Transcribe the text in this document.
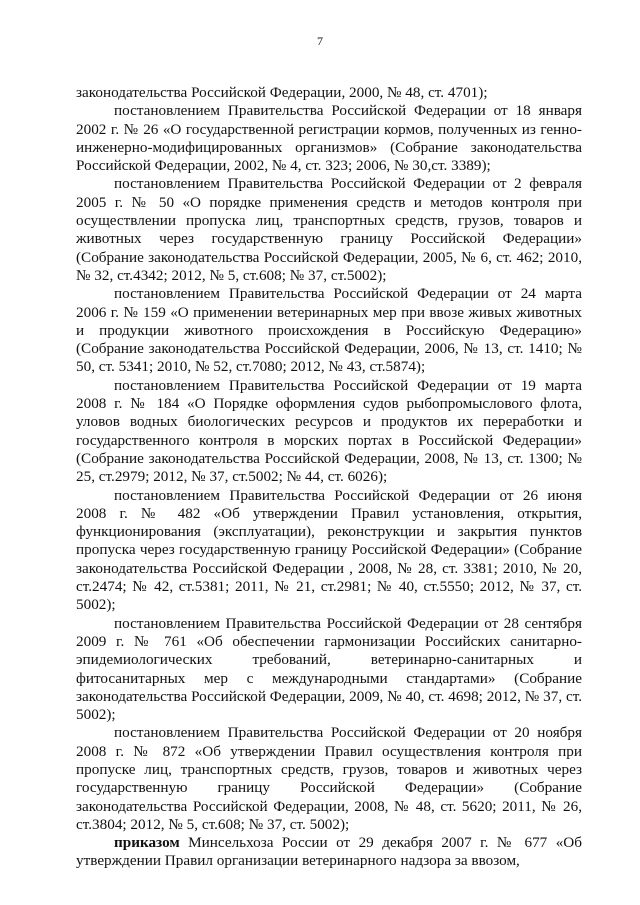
7

законодательства Российской Федерации, 2000, № 48, ст. 4701);

постановлением Правительства Российской Федерации от 18 января 2002 г. № 26 «О государственной регистрации кормов, полученных из генно-инженерно-модифицированных организмов» (Собрание законодательства Российской Федерации, 2002, № 4, ст. 323; 2006, № 30,ст. 3389);

постановлением Правительства Российской Федерации от 2 февраля 2005 г. № 50 «О порядке применения средств и методов контроля при осуществлении пропуска лиц, транспортных средств, грузов, товаров и животных через государственную границу Российской Федерации» (Собрание законодательства Российской Федерации, 2005, № 6, ст. 462; 2010, № 32, ст.4342; 2012, № 5, ст.608; № 37, ст.5002);

постановлением Правительства Российской Федерации от 24 марта 2006 г. № 159 «О применении ветеринарных мер при ввозе живых животных и продукции животного происхождения в Российскую Федерацию» (Собрание законодательства Российской Федерации, 2006, № 13, ст. 1410; № 50, ст. 5341; 2010, № 52, ст.7080; 2012, № 43, ст.5874);

постановлением Правительства Российской Федерации от 19 марта 2008 г. № 184 «О Порядке оформления судов рыбопромыслового флота, уловов водных биологических ресурсов и продуктов их переработки и государственного контроля в морских портах в Российской Федерации» (Собрание законодательства Российской Федерации, 2008, № 13, ст. 1300; № 25, ст.2979; 2012, № 37, ст.5002; № 44, ст. 6026);

постановлением Правительства Российской Федерации от 26 июня 2008 г. № 482 «Об утверждении Правил установления, открытия, функционирования (эксплуатации), реконструкции и закрытия пунктов пропуска через государственную границу Российской Федерации» (Собрание законодательства Российской Федерации , 2008, № 28, ст. 3381; 2010, № 20, ст.2474; № 42, ст.5381; 2011, № 21, ст.2981; № 40, ст.5550; 2012, № 37, ст. 5002);

постановлением Правительства Российской Федерации от 28 сентября 2009 г. № 761 «Об обеспечении гармонизации Российских санитарно-эпидемиологических требований, ветеринарно-санитарных и фитосанитарных мер с международными стандартами» (Собрание законодательства Российской Федерации, 2009, № 40, ст. 4698; 2012, № 37, ст. 5002);

постановлением Правительства Российской Федерации от 20 ноября 2008 г. № 872 «Об утверждении Правил осуществления контроля при пропуске лиц, транспортных средств, грузов, товаров и животных через государственную границу Российской Федерации» (Собрание законодательства Российской Федерации, 2008, № 48, ст. 5620; 2011, № 26, ст.3804; 2012, № 5, ст.608; № 37, ст. 5002);

приказом Минсельхоза России от 29 декабря 2007 г. № 677 «Об утверждении Правил организации ветеринарного надзора за ввозом,
